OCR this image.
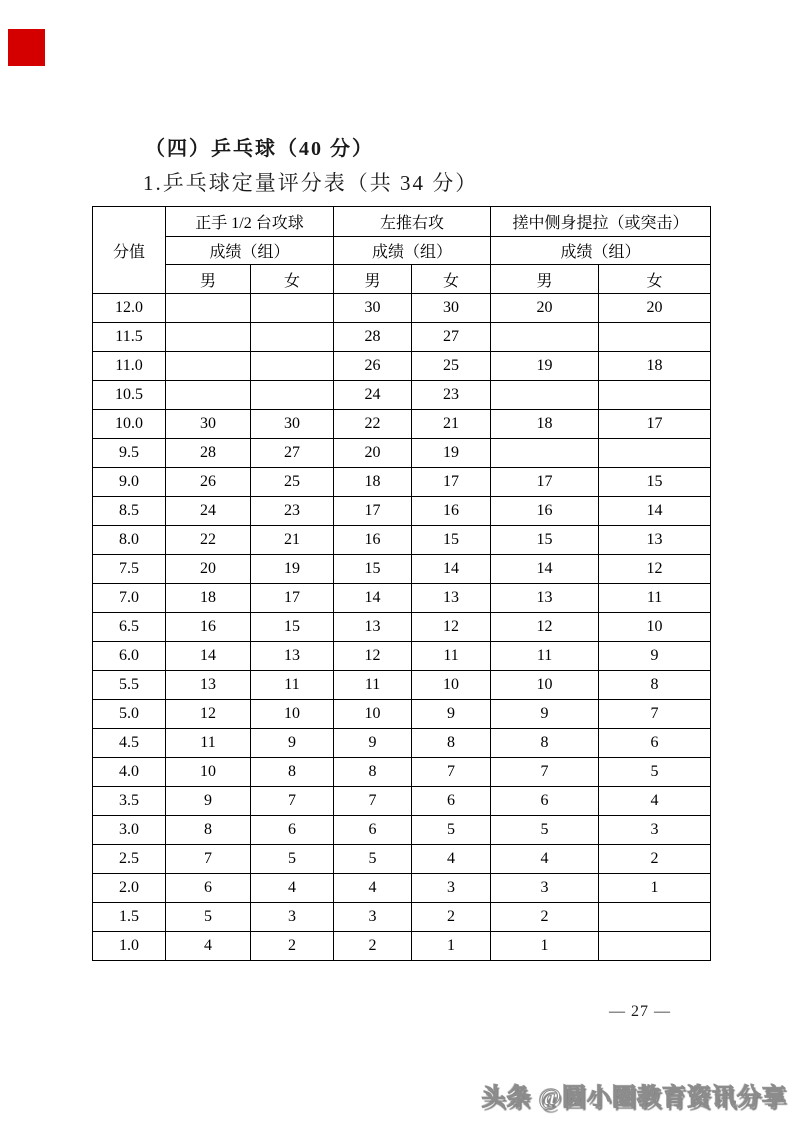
（四）乒乓球（40 分）
1.乒乓球定量评分表（共 34 分）
分值	正手 1/2 台攻球		左推右攻		搓中侧身提拉（或突击）	
	成绩（组）		成绩（组）		成绩（组）	
	男	女	男	女	男	女
12.0			30	30	20	20
11.5			28	27		
11.0			26	25	19	18
10.5			24	23		
10.0	30	30	22	21	18	17
9.5	28	27	20	19		
9.0	26	25	18	17	17	15
8.5	24	23	17	16	16	14
8.0	22	21	16	15	15	13
7.5	20	19	15	14	14	12
7.0	18	17	14	13	13	11
6.5	16	15	13	12	12	10
6.0	14	13	12	11	11	9
5.5	13	11	11	10	10	8
5.0	12	10	10	9	9	7
4.5	11	9	9	8	8	6
4.0	10	8	8	7	7	5
3.5	9	7	7	6	6	4
3.0	8	6	6	5	5	3
2.5	7	5	5	4	4	2
2.0	6	4	4	3	3	1
1.5	5	3	3	2	2	
1.0	4	2	2	1	1	
— 27 —
头条 @圆小圈教育资讯分享
